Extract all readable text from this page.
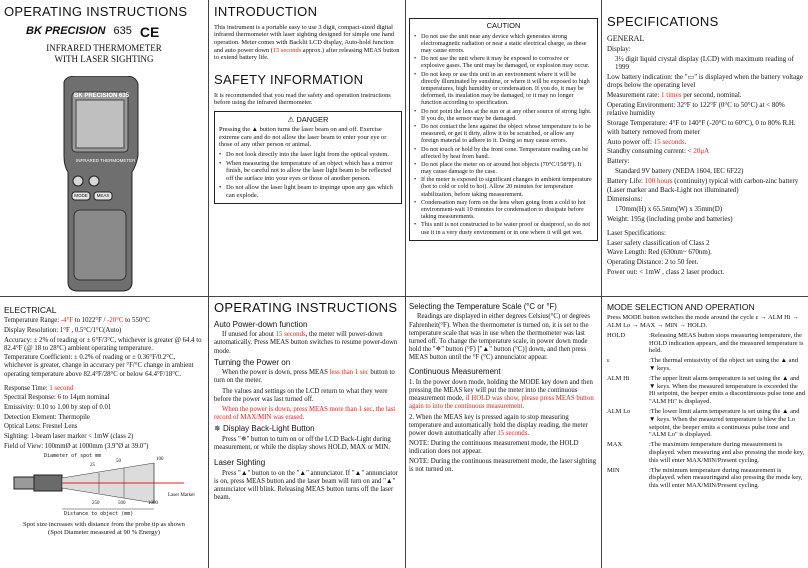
OPERATING INSTRUCTIONS
BK PRECISION 635 CE
INFRARED THERMOMETER
WITH LASER SIGHTING
BK PRECISION 635
INFRARED THERMOMETER
MODE MEAS
INTRODUCTION

This instrument is a portable easy to use 3 digit, compact-sized digital infrared thermometer with laser sighting designed for simple one hand operation. Meter comes with Backlit LCD display, Auto-hold function and auto power down (15 seconds approx.) after releasing MEAS button to extend battery life.

SAFETY INFORMATION

It is recommended that you read the safety and operation instructions before using the infrared thermometer.

⚠ DANGER

Pressing the ▲ button turns the laser beam on and off. Exercise extreme care and do not allow the laser beam to enter your eye or those of any other person or animal.

• Do not look directly into the laser light from the optical system.
• When measuring the temperature of an object which has a mirror finish, be careful not to allow the laser light beam to be reflected off the surface into your eyes or those of another person.
• Do not allow the laser light beam to impinge upon any gas which can explode.
CAUTION
• Do not use the unit near any device which generates strong electromagnetic radiation or near a static electrical charge, as these may cause errors.
• Do not use the unit where it may be exposed to corrosive or explosive gases. The unit may be damaged, or explosion may occur.
• Do not keep or use this unit in an environment where it will be directly illuminated by sunshine, or where it will be exposed to high temperatures, high humidity or condensation. If you do, it may be deformed, its insulation may be damaged, or it may no longer function according to specification.
• Do not point the lens at the sun or at any other source of strong light. If you do, the sensor may be damaged.
• Do not contact the lens against the object whose temperature is to be measured, or get it dirty, allow it to be scratched, or allow any foreign material to adhere to it. Doing so may cause errors.
• Do not touch or hold by the front cone. Temperature reading can be affected by heat from hand.
• Do not place the meter on or around hot objects (70°C/158°F). It may cause damage to the case.
• If the meter is exposed to significant changes in ambient temperature (hot to cold or cold to hot). Allow 20 minutes for temperature stabilization, before taking measurement.
• Condensation may form on the lens when going from a cold to hot environment-wait 10 minutes for condensation to dissipate before taking measurements.
• This unit is not constructed to be water proof or dustproof, so do not use it in a very dusty environment or in one where it will get wet.
SPECIFICATIONS
GENERAL
Display:
3½ digit liquid crystal display (LCD) with maximum reading of 1999
Low battery indication: the "▭" is displayed when the battery voltage drops below the operating level
Measurement rate: 1 times per second, nominal.
Operating Environment: 32°F to 122°F (0°C to 50°C) at < 80% relative humidity
Storage Temperature: 4°F to 140°F (-20°C to 60°C), 0 to 80% R.H. with battery removed from meter
Auto power off: 15 seconds.
Standby consuming current: < 20μA
Battery:
Standard 9V battery (NEDA 1604, IEC 6F22)
Battery Life: 100 hours (continuity) typical with carbon-zinc battery (Laser marker and Back-Light not illuminated)
Dimensions:
170mm(H) x 65.5mm(W) x 35mm(D)
Weight: 195g (including probe and batteries)
Laser Specifications:
Laser safety classification of Class 2
Wave Length: Red (630nm~ 670nm).
Operating Distance: 2 to 50 feet.
Power out: < 1mW , class 2 laser product.
ELECTRICAL
Temperature Range: -4°F to 1022°F / -20°C to 550°C
Display Resolution: 1°F , 0.5°C/1°C(Auto)
Accuracy: ± 2% of reading or ± 6°F/3°C, whichever is greater @ 64.4 to 82.4°F (@ 18 to 28°C) ambient operating temperature.
Temperature Coefficient: ± 0.2% of reading or ± 0.36°F/0.2°C, whichever is greater, change in accuracy per °F/°C change in ambient operating temperature above 82.4°F/28°C or below 64.4°F/18°C.
Response Time: 1 second
Spectral Response: 6 to 14μm nominal
Emissivity: 0.10 to 1.00 by step of 0.01
Detection Element: Thermopile
Optical Lens: Fresnel Lens
Sighting: 1-beam laser marker < 1mW (class 2)
Field of View: 100mmØ at 1000mm (3.9"Ø at 39.0")
Diameter of spot mm
25
50	100
250	500	1000
Laser Marker
Distance to object (mm)
Spot size increases with distance from the probe tip as shown
(Spot Diameter measured at 90 % Energy)
OPERATING INSTRUCTIONS
Auto Power-down function

If unused for about 15 seconds, the meter will power-down automatically. Press MEAS button switches to resume power-down mode.

Turning the Power on

When the power is down, press MEAS less than 1 sec button to turn on the meter.

The values and settings on the LCD return to what they were before the power was last turned off.

When the power is down, press MEAS more than 1 sec, the last record of MAX/MIN was erased.

✵ Display Back-Light Button

Press "✵" button to turn on or off the LCD Back-Light during measurement, or while the display shows HOLD, MAX or MIN.

Laser Sighting

Press "▲" button to on the "▲" annunciator. If "▲" annunciator is on, press MEAS button and the laser beam will turn on and "▲" annunciator will blink. Releasing MEAS button turns off the laser beam.

Selecting the Temperature Scale (°C or °F)

Readings are displayed in either degrees Celsius(°C) or degrees Fahrenheit(°F). When the thermometer is turned on, it is set to the temperature scale that was in use when the thermometer was last turned off. To change the temperature scale, in power down mode hold the "✵" button (°F) ["▲" button (°C)] down, and then press MEAS button until the °F (°C) annunciator appear.

Continuous Measurement
1. In the power down mode, holding the MODE key down and then pressing the MEAS key will put the meter into the continuous measurement mode, if HOLD was show, please press MEAS button again to into the continuous measurement.
2. When the MEAS key is pressed again to stop measuring temperature and automatically hold the display reading, the meter power down automatically after 15 seconds.
NOTE: During the continuous measurement mode, the HOLD indication does not appear.
NOTE: During the continuous measurement mode, the laser sighting is not turned on.
MODE SELECTION AND OPERATION

Press MODE button switches the mode around the cycle ε → ALM Hi → ALM Lo → MAX → MIN → HOLD.

HOLD	:Releasing MEAS button stops measuring temperature, the HOLD indication appears, and the measured temperature is held.
ε	:The thermal emissivity of the object set using the ▲ and ▼ keys.
ALM Hi	:The upper limit alarm temperature is set using the ▲ and ▼ keys. When the measured temperature is exceeded the Hi setpoint, the beeper emits a discontinuous pulse tone and "ALM Hi" is displayed.
ALM Lo	:The lower limit alarm temperature is set using the ▲ and ▼ keys. When the measured temperature is blew the Lo setpoint, the beeper emits a continuous pulse tone and "ALM Lo" is displayed.
MAX	:The maximum temperature during measurement is displayed. when measuring and also pressing the mode key, this will enter MAX/MIN/Present cycling.
MIN	:The minimum temperature during measurement is displayed. when measuringand also pressing the mode key, this will enter MAX/MIN/Present cycling.
